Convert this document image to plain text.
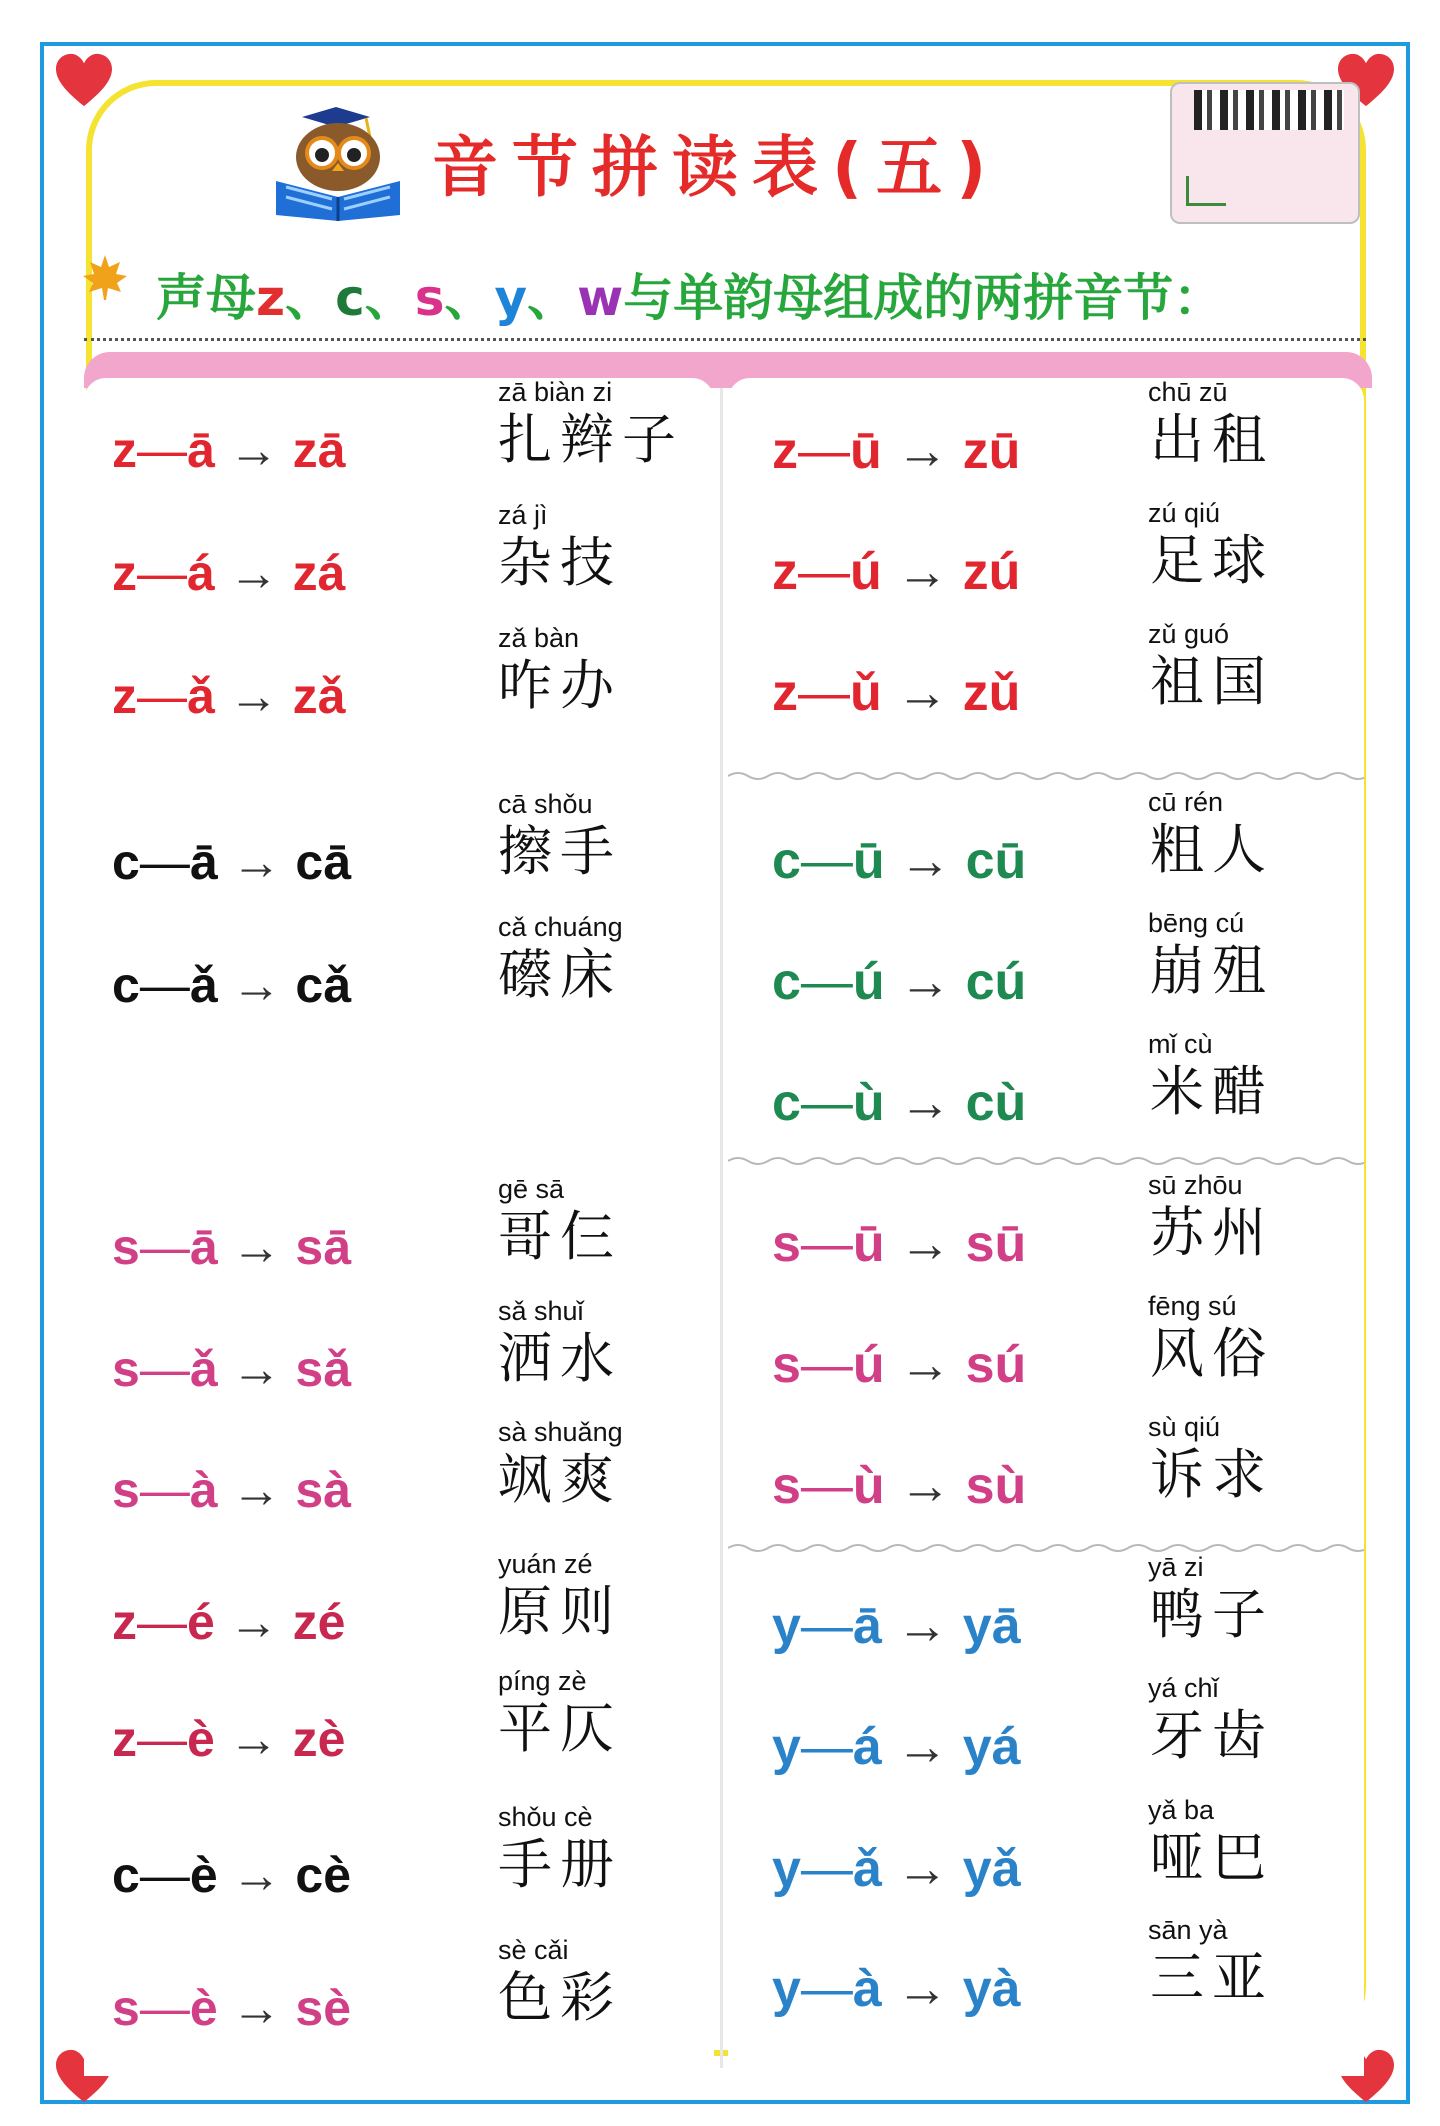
音节拼读表(五)
声母z、c、s、y、w与单韵母组成的两拼音节：
z—ā → zā
zā biàn zi
扎辫子
z—á → zá
zá jì
杂技
z—ǎ → zǎ
zǎ bàn
咋办
c—ā → cā
cā shǒu
擦手
c—ǎ → cǎ
cǎ chuáng
礤床
s—ā → sā
gē sā
哥仨
s—ǎ → sǎ
sǎ shuǐ
洒水
s—à → sà
sà shuǎng
飒爽
z—é → zé
yuán zé
原则
z—è → zè
píng zè
平仄
c—è → cè
shǒu cè
手册
s—è → sè
sè cǎi
色彩
z—ū → zū
chū zū
出租
z—ú → zú
zú qiú
足球
z—ǔ → zǔ
zǔ guó
祖国
c—ū → cū
cū rén
粗人
c—ú → cú
bēng cú
崩殂
c—ù → cù
mǐ cù
米醋
s—ū → sū
sū zhōu
苏州
s—ú → sú
fēng sú
风俗
s—ù → sù
sù qiú
诉求
y—ā → yā
yā zi
鸭子
y—á → yá
yá chǐ
牙齿
y—ǎ → yǎ
yǎ ba
哑巴
y—à → yà
sān yà
三亚
